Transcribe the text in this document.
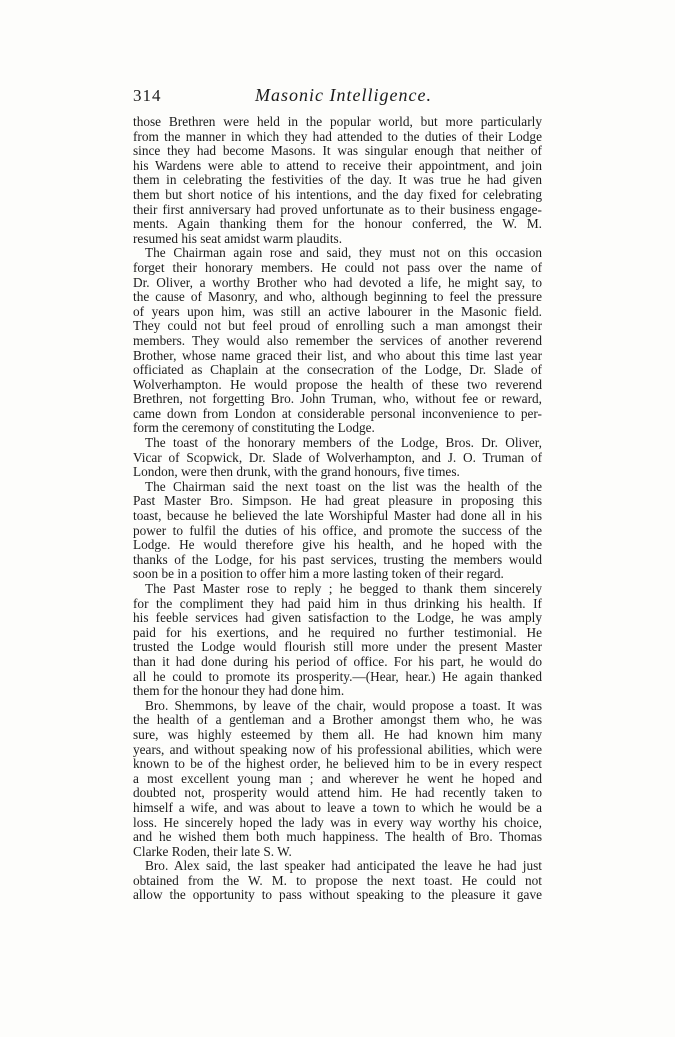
314	Masonic Intelligence.
those Brethren were held in the popular world, but more particularly
from the manner in which they had attended to the duties of their Lodge
since they had become Masons. It was singular enough that neither of
his Wardens were able to attend to receive their appointment, and join
them in celebrating the festivities of the day. It was true he had given
them but short notice of his intentions, and the day fixed for celebrating
their first anniversary had proved unfortunate as to their business engage-
ments. Again thanking them for the honour conferred, the W. M.
resumed his seat amidst warm plaudits.
The Chairman again rose and said, they must not on this occasion
forget their honorary members. He could not pass over the name of
Dr. Oliver, a worthy Brother who had devoted a life, he might say, to
the cause of Masonry, and who, although beginning to feel the pressure
of years upon him, was still an active labourer in the Masonic field.
They could not but feel proud of enrolling such a man amongst their
members. They would also remember the services of another reverend
Brother, whose name graced their list, and who about this time last year
officiated as Chaplain at the consecration of the Lodge, Dr. Slade of
Wolverhampton. He would propose the health of these two reverend
Brethren, not forgetting Bro. John Truman, who, without fee or reward,
came down from London at considerable personal inconvenience to per-
form the ceremony of constituting the Lodge.
The toast of the honorary members of the Lodge, Bros. Dr. Oliver,
Vicar of Scopwick, Dr. Slade of Wolverhampton, and J. O. Truman of
London, were then drunk, with the grand honours, five times.
The Chairman said the next toast on the list was the health of the
Past Master Bro. Simpson. He had great pleasure in proposing this
toast, because he believed the late Worshipful Master had done all in his
power to fulfil the duties of his office, and promote the success of the
Lodge. He would therefore give his health, and he hoped with the
thanks of the Lodge, for his past services, trusting the members would
soon be in a position to offer him a more lasting token of their regard.
The Past Master rose to reply ; he begged to thank them sincerely
for the compliment they had paid him in thus drinking his health. If
his feeble services had given satisfaction to the Lodge, he was amply
paid for his exertions, and he required no further testimonial. He
trusted the Lodge would flourish still more under the present Master
than it had done during his period of office. For his part, he would do
all he could to promote its prosperity.—(Hear, hear.) He again thanked
them for the honour they had done him.
Bro. Shemmons, by leave of the chair, would propose a toast. It was
the health of a gentleman and a Brother amongst them who, he was
sure, was highly esteemed by them all. He had known him many
years, and without speaking now of his professional abilities, which were
known to be of the highest order, he believed him to be in every respect
a most excellent young man ; and wherever he went he hoped and
doubted not, prosperity would attend him. He had recently taken to
himself a wife, and was about to leave a town to which he would be a
loss. He sincerely hoped the lady was in every way worthy his choice,
and he wished them both much happiness. The health of Bro. Thomas
Clarke Roden, their late S. W.
Bro. Alex said, the last speaker had anticipated the leave he had just
obtained from the W. M. to propose the next toast. He could not
allow the opportunity to pass without speaking to the pleasure it gave
